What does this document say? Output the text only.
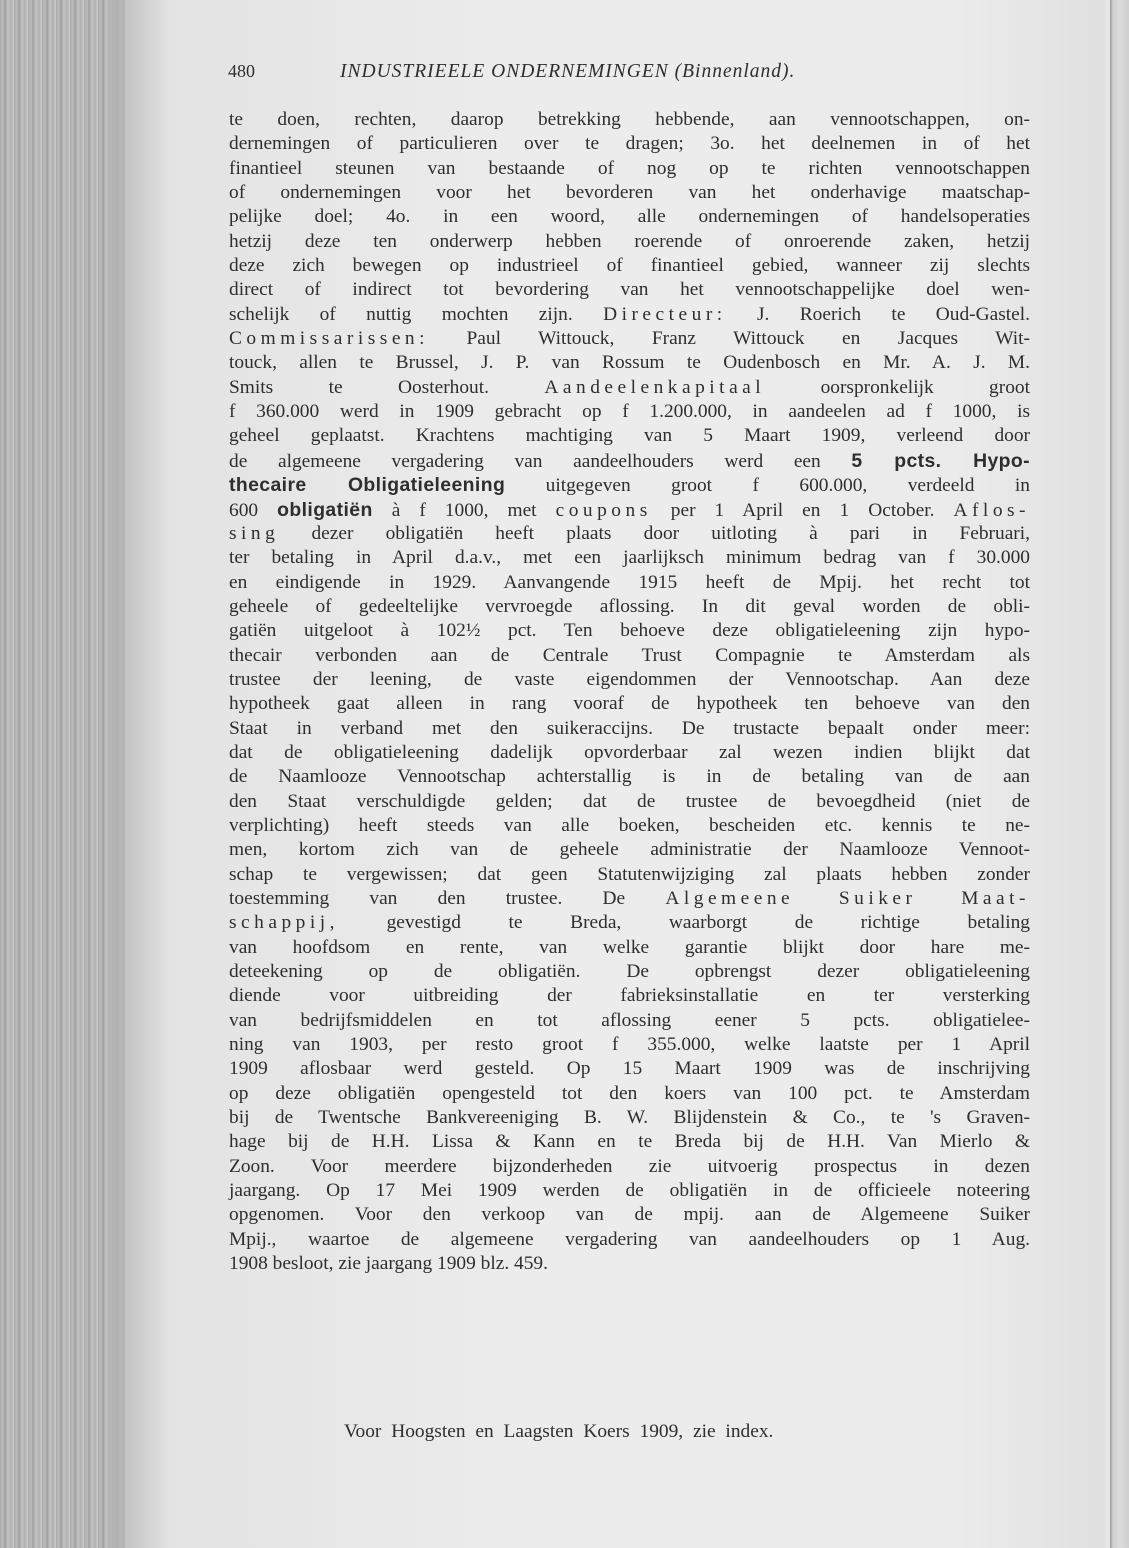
480	INDUSTRIEELE ONDERNEMINGEN (Binnenland).
te doen, rechten, daarop betrekking hebbende, aan vennootschappen, on-
dernemingen of particulieren over te dragen; 3o. het deelnemen in of het
finantieel steunen van bestaande of nog op te richten vennootschappen
of ondernemingen voor het bevorderen van het onderhavige maatschap-
pelijke doel; 4o. in een woord, alle ondernemingen of handelsoperaties
hetzij deze ten onderwerp hebben roerende of onroerende zaken, hetzij
deze zich bewegen op industrieel of finantieel gebied, wanneer zij slechts
direct of indirect tot bevordering van het vennootschappelijke doel wen-
schelijk of nuttig mochten zijn. Directeur: J. Roerich te Oud-Gastel.
Commissarissen: Paul Wittouck, Franz Wittouck en Jacques Wit-
touck, allen te Brussel, J. P. van Rossum te Oudenbosch en Mr. A. J. M.
Smits te Oosterhout. Aandeelenkapitaal oorspronkelijk groot
f 360.000 werd in 1909 gebracht op f 1.200.000, in aandeelen ad f 1000, is
geheel geplaatst. Krachtens machtiging van 5 Maart 1909, verleend door
de algemeene vergadering van aandeelhouders werd een 5 pcts. Hypo-
thecaire Obligatieleening uitgegeven groot f 600.000, verdeeld in
600 obligatiën à f 1000, met coupons per 1 April en 1 October. Aflos-
sing dezer obligatiën heeft plaats door uitloting à pari in Februari,
ter betaling in April d.a.v., met een jaarlijksch minimum bedrag van f 30.000
en eindigende in 1929. Aanvangende 1915 heeft de Mpij. het recht tot
geheele of gedeeltelijke vervroegde aflossing. In dit geval worden de obli-
gatiën uitgeloot à 102½ pct. Ten behoeve deze obligatieleening zijn hypo-
thecair verbonden aan de Centrale Trust Compagnie te Amsterdam als
trustee der leening, de vaste eigendommen der Vennootschap. Aan deze
hypotheek gaat alleen in rang vooraf de hypotheek ten behoeve van den
Staat in verband met den suikeraccijns. De trustacte bepaalt onder meer:
dat de obligatieleening dadelijk opvorderbaar zal wezen indien blijkt dat
de Naamlooze Vennootschap achterstallig is in de betaling van de aan
den Staat verschuldigde gelden; dat de trustee de bevoegdheid (niet de
verplichting) heeft steeds van alle boeken, bescheiden etc. kennis te ne-
men, kortom zich van de geheele administratie der Naamlooze Vennoot-
schap te vergewissen; dat geen Statutenwijziging zal plaats hebben zonder
toestemming van den trustee. De Algemeene Suiker Maat-
schappij, gevestigd te Breda, waarborgt de richtige betaling
van hoofdsom en rente, van welke garantie blijkt door hare me-
deteekening op de obligatiën. De opbrengst dezer obligatieleening
diende voor uitbreiding der fabrieksinstallatie en ter versterking
van bedrijfsmiddelen en tot aflossing eener 5 pcts. obligatielee-
ning van 1903, per resto groot f 355.000, welke laatste per 1 April
1909 aflosbaar werd gesteld. Op 15 Maart 1909 was de inschrijving
op deze obligatiën opengesteld tot den koers van 100 pct. te Amsterdam
bij de Twentsche Bankvereeniging B. W. Blijdenstein & Co., te 's Graven-
hage bij de H.H. Lissa & Kann en te Breda bij de H.H. Van Mierlo &
Zoon. Voor meerdere bijzonderheden zie uitvoerig prospectus in dezen
jaargang. Op 17 Mei 1909 werden de obligatiën in de officieele noteering
opgenomen. Voor den verkoop van de mpij. aan de Algemeene Suiker
Mpij., waartoe de algemeene vergadering van aandeelhouders op 1 Aug.
1908 besloot, zie jaargang 1909 blz. 459.
Voor Hoogsten en Laagsten Koers 1909, zie index.
